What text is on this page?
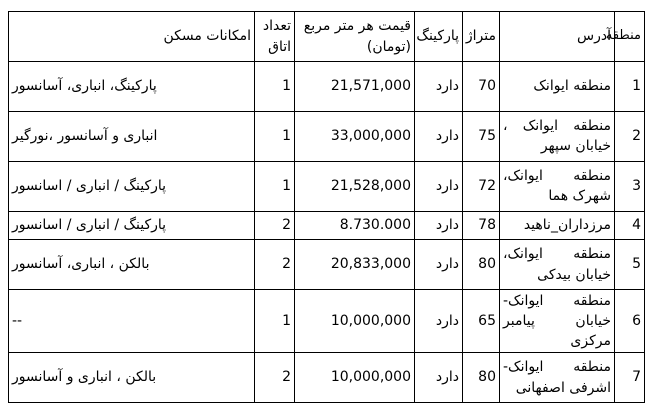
منطقه	آدرس	متراژ	پارکینگ	قیمت هر متر مربع (تومان)	تعداد اتاق	امکانات مسکن
1	منطقه ایوانک	70	دارد	21,571,000	1	پارکینگ، انباری، آسانسور
2	منطقه ایوانک ، خیابان سپهر	75	دارد	33,000,000	1	انباری و آسانسور ،نورگیر
3	منطقه ایوانک، شهرک هما	72	دارد	21,528,000	1	پارکینگ / انباری / اسانسور
4	مرزداران_ناهید	78	دارد	8.730.000	2	پارکینگ / انباری / اسانسور
5	منطقه ایوانک، خیابان بیدکی	80	دارد	20,833,000	2	بالکن ، انباری، آسانسور
6	منطقه ایوانک-خیابان پیامبر مرکزی	65	دارد	10,000,000	1	--
7	منطقه ایوانک- اشرفی اصفهانی	80	دارد	10,000,000	2	بالکن ، انباری و آسانسور
